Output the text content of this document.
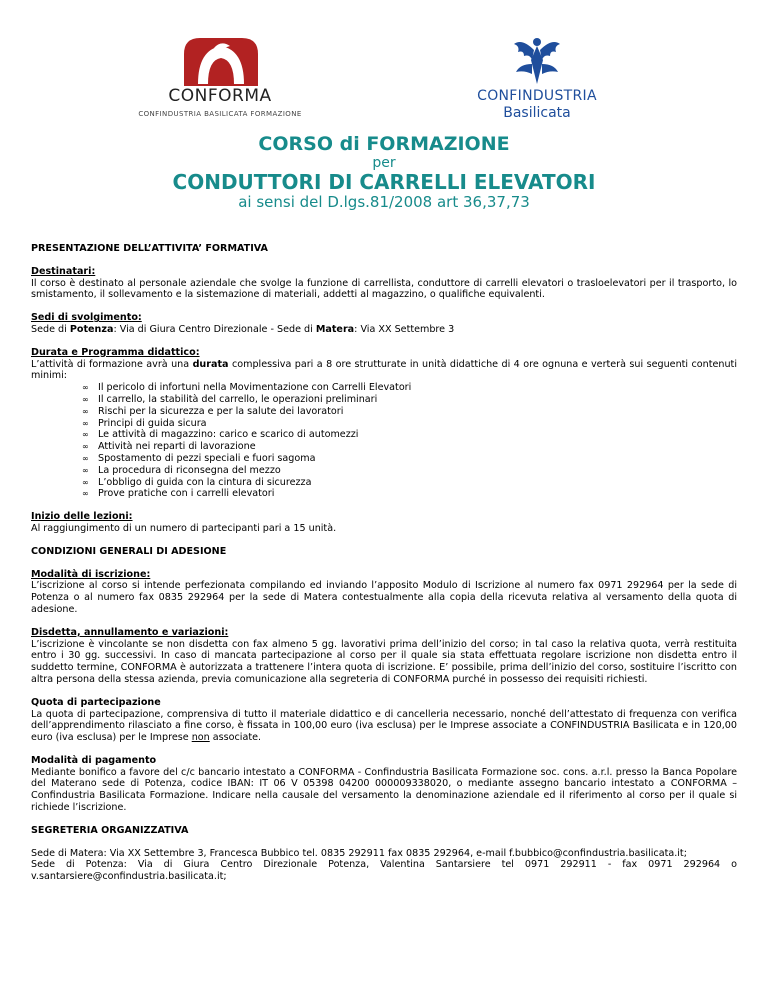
CONFORMA
CONFINDUSTRIA BASILICATA FORMAZIONE
CONFINDUSTRIA
Basilicata
CORSO di FORMAZIONE
per
CONDUTTORI DI CARRELLI ELEVATORI
ai sensi del D.lgs.81/2008 art 36,37,73

PRESENTAZIONE DELL’ATTIVITA’ FORMATIVA

Destinatari:

Il corso è destinato al personale aziendale che svolge la funzione di carrellista, conduttore di carrelli elevatori o trasloelevatori per il trasporto, lo smistamento, il sollevamento e la sistemazione di materiali, addetti al magazzino, o qualifiche equivalenti.

Sedi di svolgimento:

Sede di Potenza: Via di Giura Centro Direzionale - Sede di Matera: Via XX Settembre 3

Durata e Programma didattico:

L’attività di formazione avrà una durata complessiva pari a 8 ore strutturate in unità didattiche di 4 ore ognuna e verterà sui seguenti contenuti minimi:

∞ Il pericolo di infortuni nella Movimentazione con Carrelli Elevatori
∞ Il carrello, la stabilità del carrello, le operazioni preliminari
∞ Rischi per la sicurezza e per la salute dei lavoratori
∞ Principi di guida sicura
∞ Le attività di magazzino: carico e scarico di automezzi
∞ Attività nei reparti di lavorazione
∞ Spostamento di pezzi speciali e fuori sagoma
∞ La procedura di riconsegna del mezzo
∞ L’obbligo di guida con la cintura di sicurezza
∞ Prove pratiche con i carrelli elevatori

Inizio delle lezioni:

Al raggiungimento di un numero di partecipanti pari a 15 unità.

CONDIZIONI GENERALI DI ADESIONE

Modalità di iscrizione:

L’iscrizione al corso si intende perfezionata compilando ed inviando l’apposito Modulo di Iscrizione al numero fax 0971 292964 per la sede di Potenza o al numero fax 0835 292964 per la sede di Matera contestualmente alla copia della ricevuta relativa al versamento della quota di adesione.

Disdetta, annullamento e variazioni:

L’iscrizione è vincolante se non disdetta con fax almeno 5 gg. lavorativi prima dell’inizio del corso; in tal caso la relativa quota, verrà restituita entro i 30 gg. successivi. In caso di mancata partecipazione al corso per il quale sia stata effettuata regolare iscrizione non disdetta entro il suddetto termine, CONFORMA è autorizzata a trattenere l’intera quota di iscrizione. E’ possibile, prima dell’inizio del corso, sostituire l’iscritto con altra persona della stessa azienda, previa comunicazione alla segreteria di CONFORMA purché in possesso dei requisiti richiesti.

Quota di partecipazione

La quota di partecipazione, comprensiva di tutto il materiale didattico e di cancelleria necessario, nonché dell’attestato di frequenza con verifica dell’apprendimento rilasciato a fine corso, è fissata in 100,00 euro (iva esclusa) per le Imprese associate a CONFINDUSTRIA Basilicata e in 120,00 euro (iva esclusa) per le Imprese non associate.

Modalità di pagamento

Mediante bonifico a favore del c/c bancario intestato a CONFORMA - Confindustria Basilicata Formazione soc. cons. a.r.l. presso la Banca Popolare del Materano sede di Potenza, codice IBAN: IT 06 V 05398 04200 000009338020, o mediante assegno bancario intestato a CONFORMA – Confindustria Basilicata Formazione. Indicare nella causale del versamento la denominazione aziendale ed il riferimento al corso per il quale si richiede l’iscrizione.

SEGRETERIA ORGANIZZATIVA

Sede di Matera: Via XX Settembre 3, Francesca Bubbico tel. 0835 292911 fax 0835 292964, e-mail f.bubbico@confindustria.basilicata.it;

Sede di Potenza: Via di Giura Centro Direzionale Potenza, Valentina Santarsiere tel 0971 292911 - fax 0971 292964 o v.santarsiere@confindustria.basilicata.it;
